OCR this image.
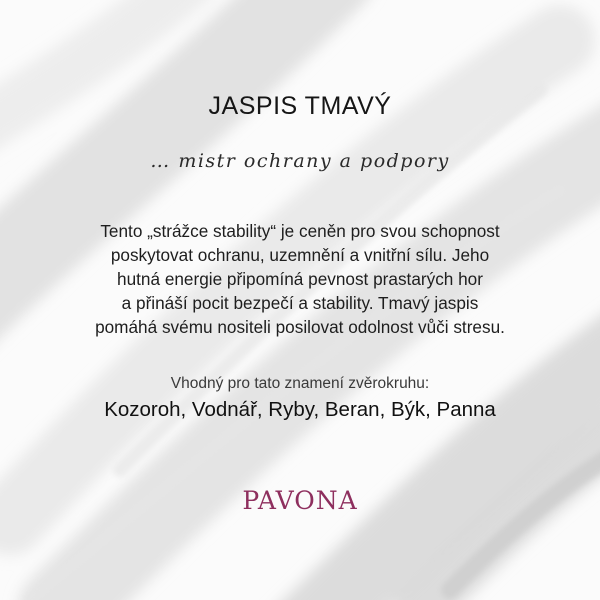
JASPIS TMAVÝ

… mistr ochrany a podpory

Tento „strážce stability“ je ceněn pro svou schopnost
poskytovat ochranu, uzemnění a vnitřní sílu. Jeho
hutná energie připomíná pevnost prastarých hor
a přináší pocit bezpečí a stability. Tmavý jaspis
pomáhá svému nositeli posilovat odolnost vůči stresu.

Vhodný pro tato znamení zvěrokruhu:

Kozoroh, Vodnář, Ryby, Beran, Býk, Panna

PAVONA
